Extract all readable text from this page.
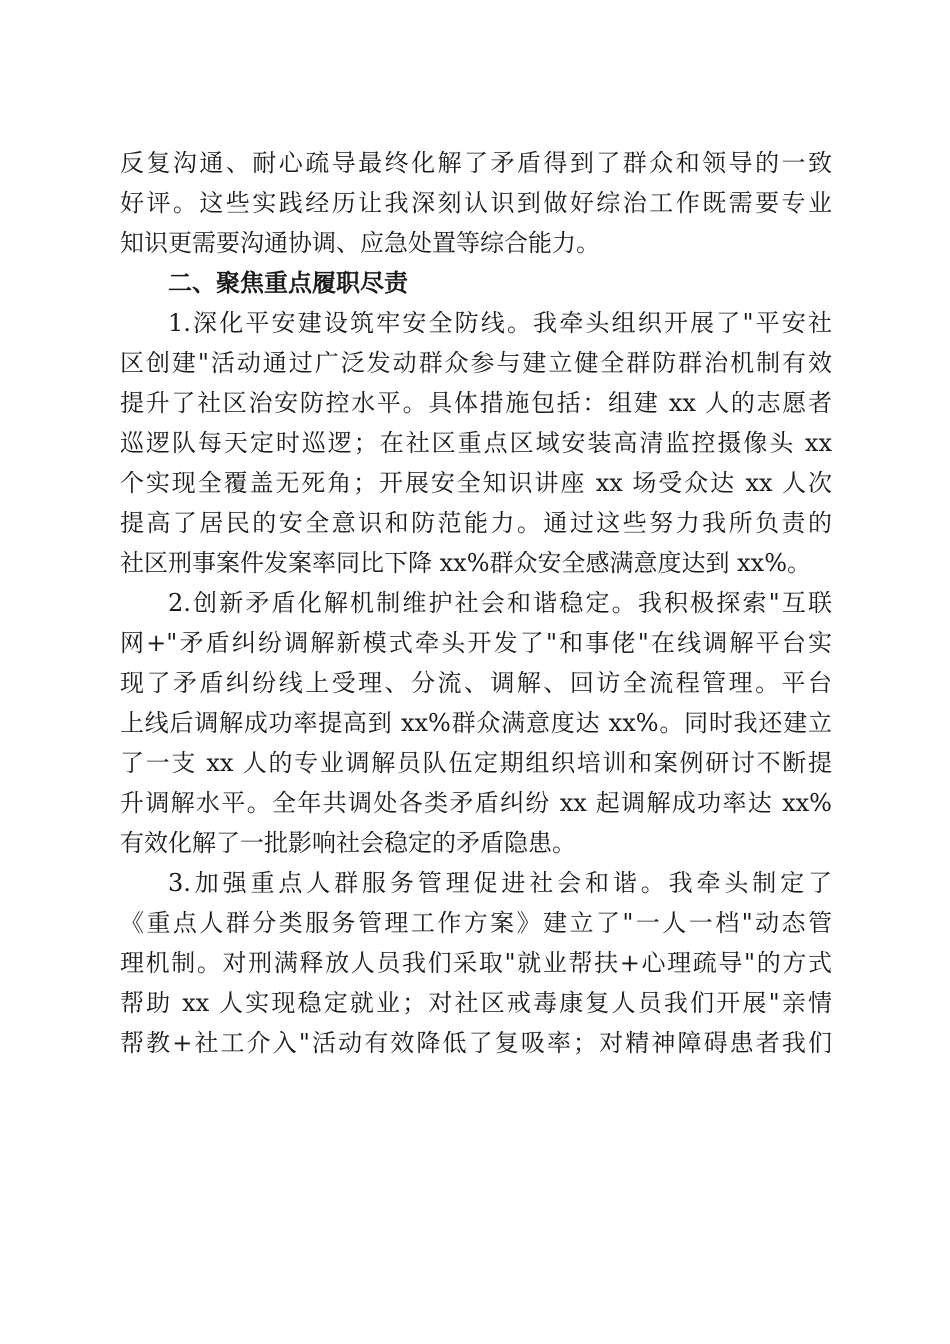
反复沟通、耐心疏导最终化解了矛盾得到了群众和领导的一致
好评。这些实践经历让我深刻认识到做好综治工作既需要专业
知识更需要沟通协调、应急处置等综合能力。
二、聚焦重点履职尽责
1.深化平安建设筑牢安全防线。我牵头组织开展了"平安社
区创建"活动通过广泛发动群众参与建立健全群防群治机制有效
提升了社区治安防控水平。具体措施包括：组建 xx 人的志愿者
巡逻队每天定时巡逻；在社区重点区域安装高清监控摄像头 xx
个实现全覆盖无死角；开展安全知识讲座 xx 场受众达 xx 人次
提高了居民的安全意识和防范能力。通过这些努力我所负责的
社区刑事案件发案率同比下降 xx%群众安全感满意度达到 xx%。
2.创新矛盾化解机制维护社会和谐稳定。我积极探索"互联
网+"矛盾纠纷调解新模式牵头开发了"和事佬"在线调解平台实
现了矛盾纠纷线上受理、分流、调解、回访全流程管理。平台
上线后调解成功率提高到 xx%群众满意度达 xx%。同时我还建立
了一支 xx 人的专业调解员队伍定期组织培训和案例研讨不断提
升调解水平。全年共调处各类矛盾纠纷 xx 起调解成功率达 xx%
有效化解了一批影响社会稳定的矛盾隐患。
3.加强重点人群服务管理促进社会和谐。我牵头制定了
《重点人群分类服务管理工作方案》建立了"一人一档"动态管
理机制。对刑满释放人员我们采取"就业帮扶+心理疏导"的方式
帮助 xx 人实现稳定就业；对社区戒毒康复人员我们开展"亲情
帮教+社工介入"活动有效降低了复吸率；对精神障碍患者我们
